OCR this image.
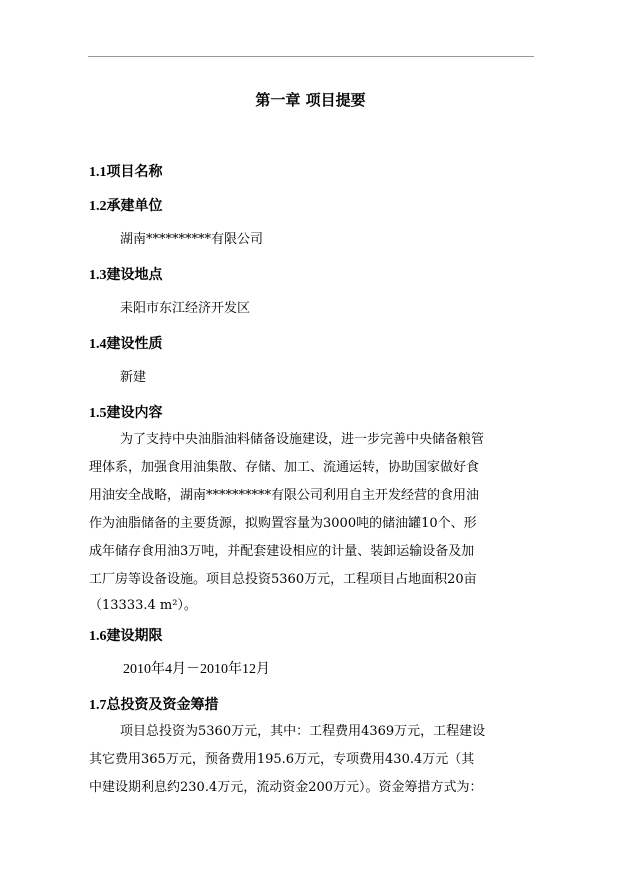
第一章 项目提要
1.1项目名称
1.2承建单位
湖南**********有限公司
1.3建设地点
耒阳市东江经济开发区
1.4建设性质
新建
1.5建设内容
为了支持中央油脂油料储备设施建设，进一步完善中央储备粮管
理体系，加强食用油集散、存储、加工、流通运转，协助国家做好食
用油安全战略，湖南**********有限公司利用自主开发经营的食用油
作为油脂储备的主要货源，拟购置容量为3000吨的储油罐10个、形
成年储存食用油3万吨，并配套建设相应的计量、装卸运输设备及加
工厂房等设备设施。项目总投资5360万元，工程项目占地面积20亩
（13333.4 m²）。
1.6建设期限
2010年4月－2010年12月
1.7总投资及资金筹措
项目总投资为5360万元，其中：工程费用4369万元，工程建设
其它费用365万元，预备费用195.6万元，专项费用430.4万元（其
中建设期利息约230.4万元，流动资金200万元）。资金筹措方式为：
